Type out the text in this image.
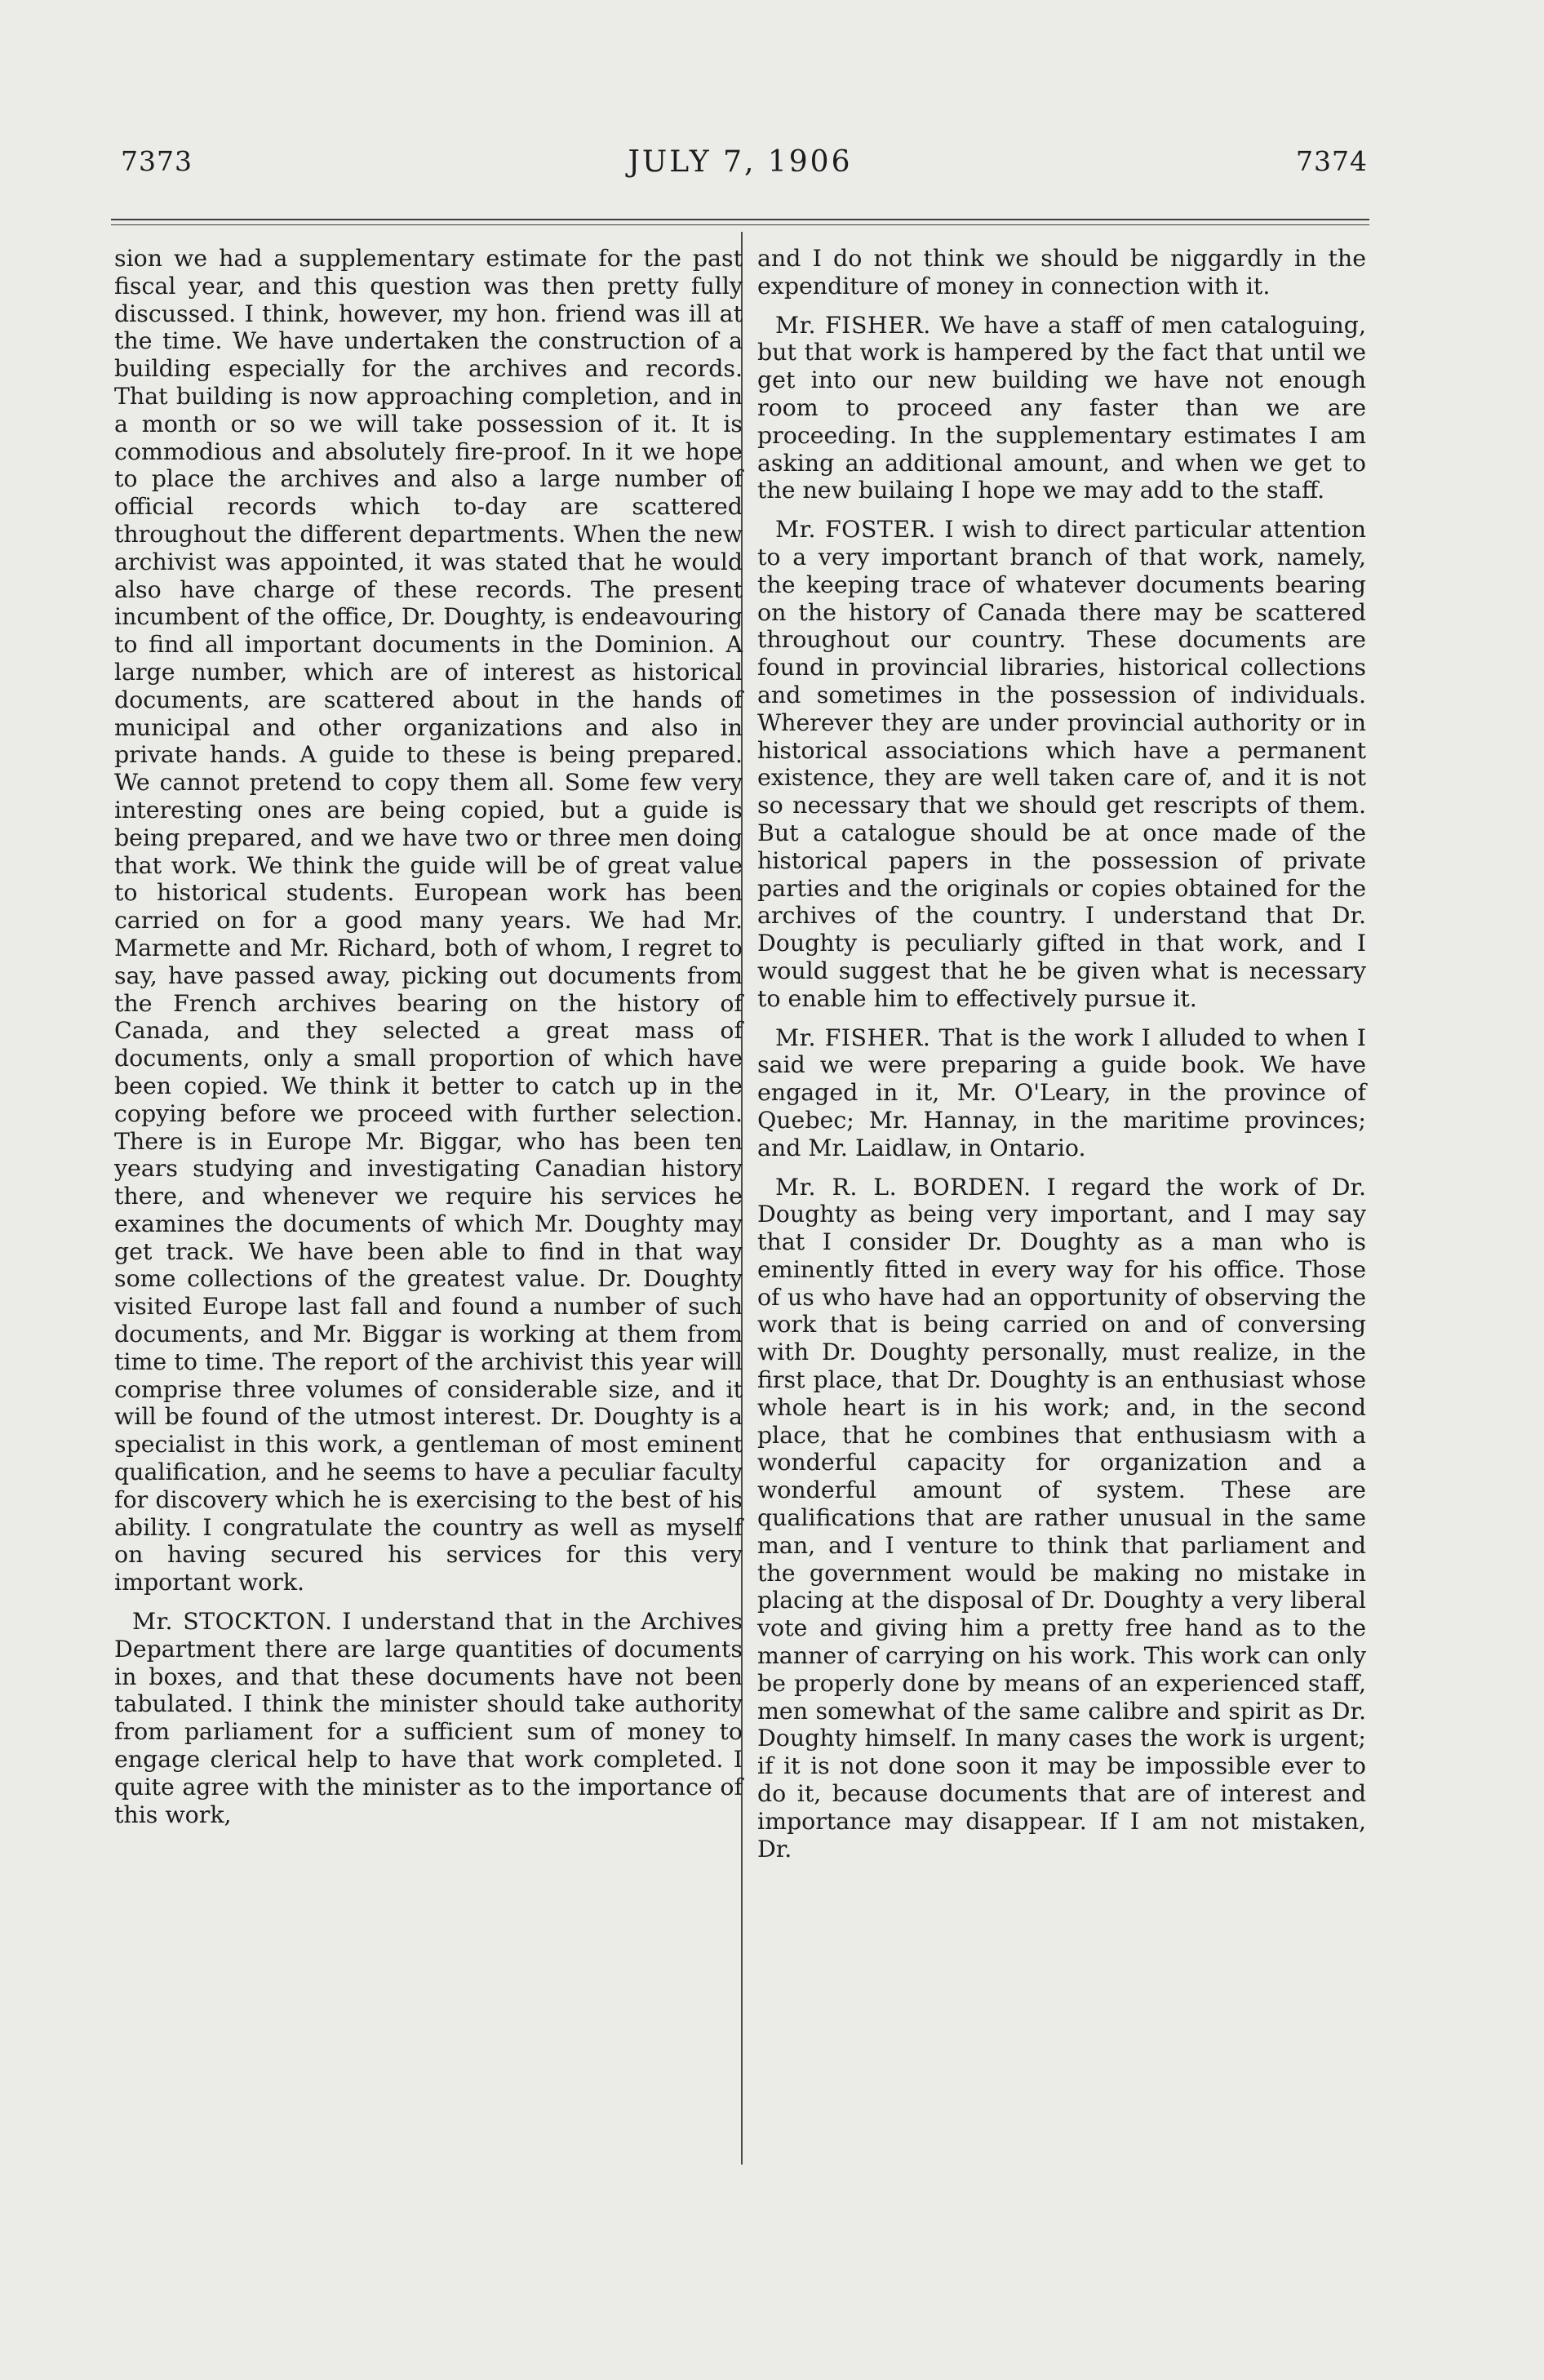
7373	JULY 7, 1906	7374

sion we had a supplementary estimate for the past fiscal year, and this question was then pretty fully discussed. I think, however, my hon. friend was ill at the time. We have undertaken the construction of a building especially for the archives and records. That building is now approaching completion, and in a month or so we will take possession of it. It is commodious and absolutely fire-proof. In it we hope to place the archives and also a large number of official records which to-day are scattered throughout the different departments. When the new archivist was appointed, it was stated that he would also have charge of these records. The present incumbent of the office, Dr. Doughty, is endeavouring to find all important documents in the Dominion. A large number, which are of interest as historical documents, are scattered about in the hands of municipal and other organizations and also in private hands. A guide to these is being prepared. We cannot pretend to copy them all. Some few very interesting ones are being copied, but a guide is being prepared, and we have two or three men doing that work. We think the guide will be of great value to historical students. European work has been carried on for a good many years. We had Mr. Marmette and Mr. Richard, both of whom, I regret to say, have passed away, picking out documents from the French archives bearing on the history of Canada, and they selected a great mass of documents, only a small proportion of which have been copied. We think it better to catch up in the copying before we proceed with further selection. There is in Europe Mr. Biggar, who has been ten years studying and investigating Canadian history there, and whenever we require his services he examines the documents of which Mr. Doughty may get track. We have been able to find in that way some collections of the greatest value. Dr. Doughty visited Europe last fall and found a number of such documents, and Mr. Biggar is working at them from time to time. The report of the archivist this year will comprise three volumes of considerable size, and it will be found of the utmost interest. Dr. Doughty is a specialist in this work, a gentleman of most eminent qualification, and he seems to have a peculiar faculty for discovery which he is exercising to the best of his ability. I congratulate the country as well as myself on having secured his services for this very important work.

Mr. STOCKTON. I understand that in the Archives Department there are large quantities of documents in boxes, and that these documents have not been tabulated. I think the minister should take authority from parliament for a sufficient sum of money to engage clerical help to have that work completed. I quite agree with the minister as to the importance of this work,

and I do not think we should be niggardly in the expenditure of money in connection with it.

Mr. FISHER. We have a staff of men cataloguing, but that work is hampered by the fact that until we get into our new building we have not enough room to proceed any faster than we are proceeding. In the supplementary estimates I am asking an additional amount, and when we get to the new builaing I hope we may add to the staff.

Mr. FOSTER. I wish to direct particular attention to a very important branch of that work, namely, the keeping trace of whatever documents bearing on the history of Canada there may be scattered throughout our country. These documents are found in provincial libraries, historical collections and sometimes in the possession of individuals. Wherever they are under provincial authority or in historical associations which have a permanent existence, they are well taken care of, and it is not so necessary that we should get rescripts of them. But a catalogue should be at once made of the historical papers in the possession of private parties and the originals or copies obtained for the archives of the country. I understand that Dr. Doughty is peculiarly gifted in that work, and I would suggest that he be given what is necessary to enable him to effectively pursue it.

Mr. FISHER. That is the work I alluded to when I said we were preparing a guide book. We have engaged in it, Mr. O'Leary, in the province of Quebec; Mr. Hannay, in the maritime provinces; and Mr. Laidlaw, in Ontario.

Mr. R. L. BORDEN. I regard the work of Dr. Doughty as being very important, and I may say that I consider Dr. Doughty as a man who is eminently fitted in every way for his office. Those of us who have had an opportunity of observing the work that is being carried on and of conversing with Dr. Doughty personally, must realize, in the first place, that Dr. Doughty is an enthusiast whose whole heart is in his work; and, in the second place, that he combines that enthusiasm with a wonderful capacity for organization and a wonderful amount of system. These are qualifications that are rather unusual in the same man, and I venture to think that parliament and the government would be making no mistake in placing at the disposal of Dr. Doughty a very liberal vote and giving him a pretty free hand as to the manner of carrying on his work. This work can only be properly done by means of an experienced staff, men somewhat of the same calibre and spirit as Dr. Doughty himself. In many cases the work is urgent; if it is not done soon it may be impossible ever to do it, because documents that are of interest and importance may disappear. If I am not mistaken, Dr.
